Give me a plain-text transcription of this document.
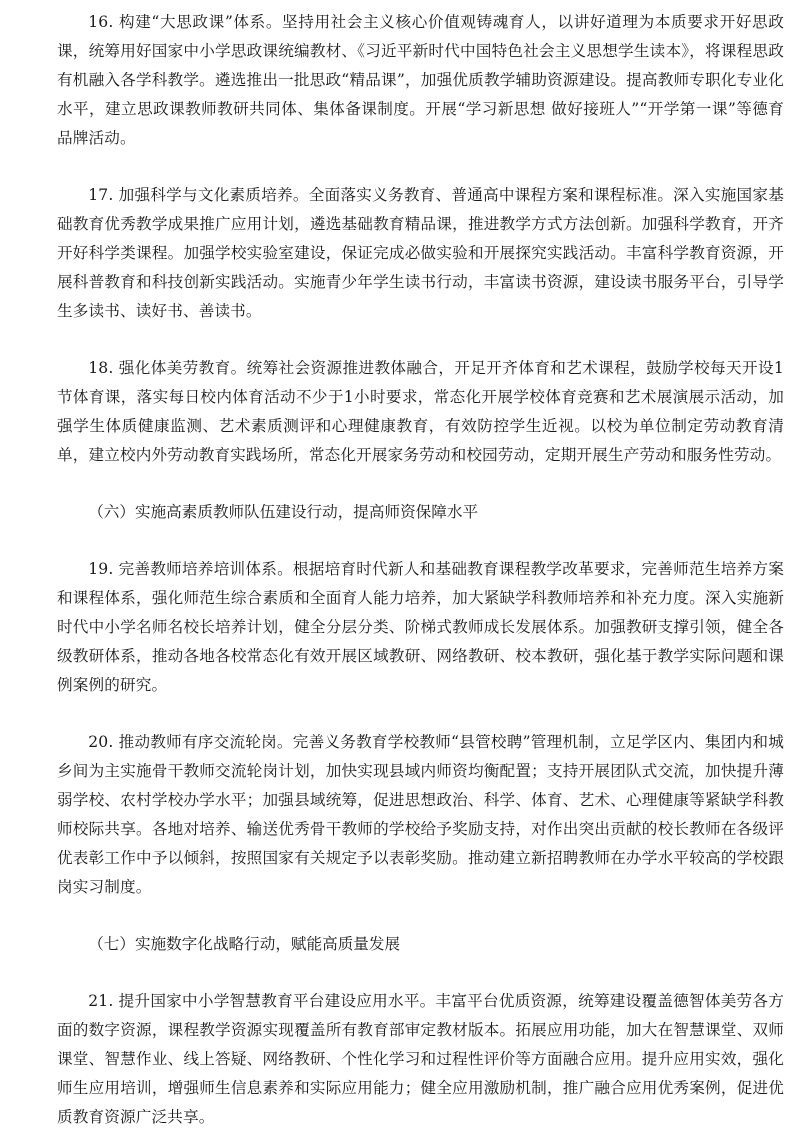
16. 构建“大思政课”体系。坚持用社会主义核心价值观铸魂育人，以讲好道理为本质要求开好思政课，统筹用好国家中小学思政课统编教材、《习近平新时代中国特色社会主义思想学生读本》，将课程思政有机融入各学科教学。遴选推出一批思政“精品课”，加强优质教学辅助资源建设。提高教师专职化专业化水平，建立思政课教师教研共同体、集体备课制度。开展“学习新思想 做好接班人”“开学第一课”等德育品牌活动。

17. 加强科学与文化素质培养。全面落实义务教育、普通高中课程方案和课程标准。深入实施国家基础教育优秀教学成果推广应用计划，遴选基础教育精品课，推进教学方式方法创新。加强科学教育，开齐开好科学类课程。加强学校实验室建设，保证完成必做实验和开展探究实践活动。丰富科学教育资源，开展科普教育和科技创新实践活动。实施青少年学生读书行动，丰富读书资源，建设读书服务平台，引导学生多读书、读好书、善读书。

18. 强化体美劳教育。统筹社会资源推进教体融合，开足开齐体育和艺术课程，鼓励学校每天开设1节体育课，落实每日校内体育活动不少于1小时要求，常态化开展学校体育竞赛和艺术展演展示活动，加强学生体质健康监测、艺术素质测评和心理健康教育，有效防控学生近视。以校为单位制定劳动教育清单，建立校内外劳动教育实践场所，常态化开展家务劳动和校园劳动，定期开展生产劳动和服务性劳动。

（六）实施高素质教师队伍建设行动，提高师资保障水平

19. 完善教师培养培训体系。根据培育时代新人和基础教育课程教学改革要求，完善师范生培养方案和课程体系，强化师范生综合素质和全面育人能力培养，加大紧缺学科教师培养和补充力度。深入实施新时代中小学名师名校长培养计划，健全分层分类、阶梯式教师成长发展体系。加强教研支撑引领，健全各级教研体系，推动各地各校常态化有效开展区域教研、网络教研、校本教研，强化基于教学实际问题和课例案例的研究。

20. 推动教师有序交流轮岗。完善义务教育学校教师“县管校聘”管理机制，立足学区内、集团内和城乡间为主实施骨干教师交流轮岗计划，加快实现县域内师资均衡配置；支持开展团队式交流，加快提升薄弱学校、农村学校办学水平；加强县域统筹，促进思想政治、科学、体育、艺术、心理健康等紧缺学科教师校际共享。各地对培养、输送优秀骨干教师的学校给予奖励支持，对作出突出贡献的校长教师在各级评优表彰工作中予以倾斜，按照国家有关规定予以表彰奖励。推动建立新招聘教师在办学水平较高的学校跟岗实习制度。

（七）实施数字化战略行动，赋能高质量发展

21. 提升国家中小学智慧教育平台建设应用水平。丰富平台优质资源，统筹建设覆盖德智体美劳各方面的数字资源，课程教学资源实现覆盖所有教育部审定教材版本。拓展应用功能，加大在智慧课堂、双师课堂、智慧作业、线上答疑、网络教研、个性化学习和过程性评价等方面融合应用。提升应用实效，强化师生应用培训，增强师生信息素养和实际应用能力；健全应用激励机制，推广融合应用优秀案例，促进优质教育资源广泛共享。
